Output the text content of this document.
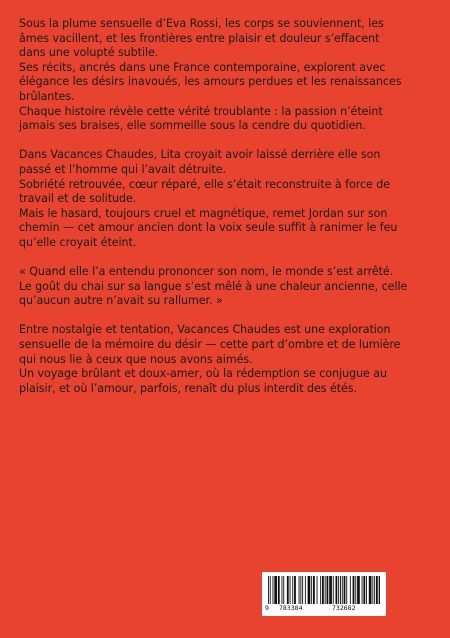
Sous la plume sensuelle d’Eva Rossi, les corps se souviennent, les
âmes vacillent, et les frontières entre plaisir et douleur s’effacent
dans une volupté subtile.
Ses récits, ancrés dans une France contemporaine, explorent avec
élégance les désirs inavoués, les amours perdues et les renaissances
brûlantes.
Chaque histoire révèle cette vérité troublante : la passion n’éteint
jamais ses braises, elle sommeille sous la cendre du quotidien.

Dans Vacances Chaudes, Lita croyait avoir laissé derrière elle son
passé et l’homme qui l’avait détruite.
Sobriété retrouvée, cœur réparé, elle s’était reconstruite à force de
travail et de solitude.
Mais le hasard, toujours cruel et magnétique, remet Jordan sur son
chemin — cet amour ancien dont la voix seule suffit à ranimer le feu
qu’elle croyait éteint.

« Quand elle l’a entendu prononcer son nom, le monde s’est arrêté.
Le goût du chai sur sa langue s’est mêlé à une chaleur ancienne, celle
qu’aucun autre n’avait su rallumer. »

Entre nostalgie et tentation, Vacances Chaudes est une exploration
sensuelle de la mémoire du désir — cette part d’ombre et de lumière
qui nous lie à ceux que nous avons aimés.
Un voyage brûlant et doux-amer, où la rédemption se conjugue au
plaisir, et où l’amour, parfois, renaît du plus interdit des étés.

9 783384	732682
